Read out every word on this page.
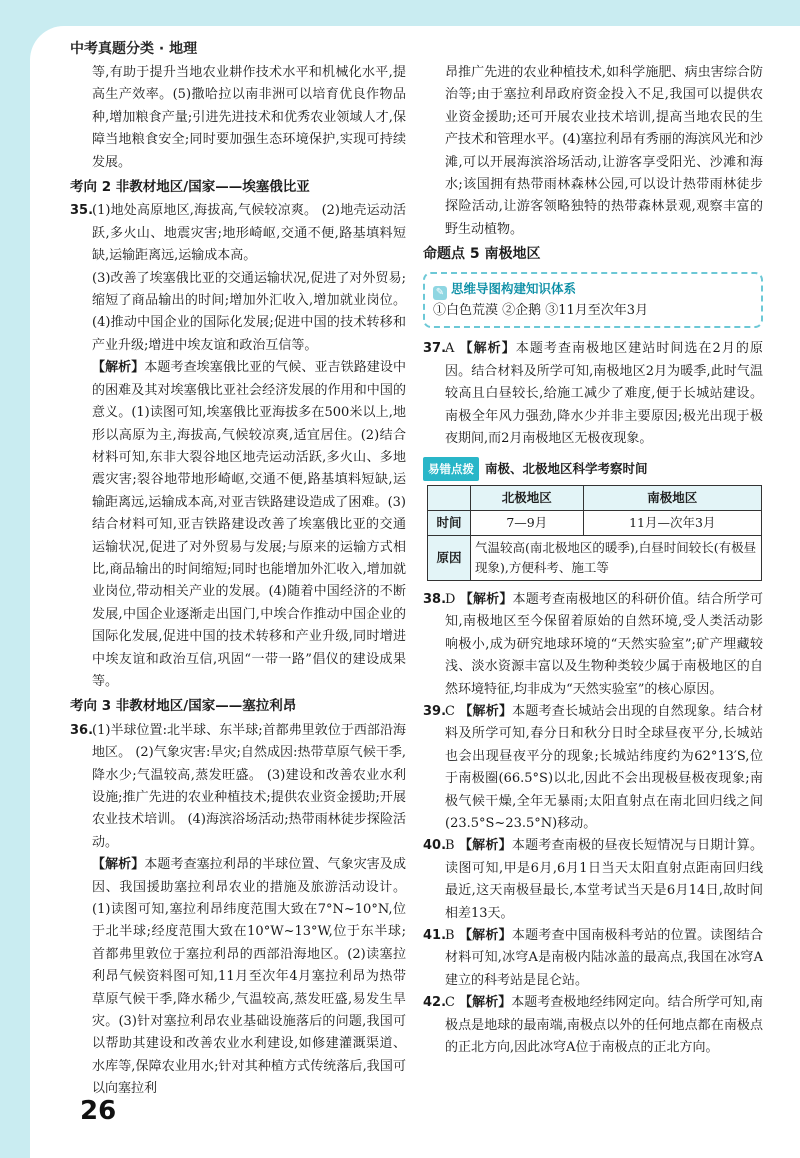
中考真题分类 · 地理

等,有助于提升当地农业耕作技术水平和机械化水平,提高生产效率。(5)撒哈拉以南非洲可以培育优良作物品种,增加粮食产量;引进先进技术和优秀农业领域人才,保障当地粮食安全;同时要加强生态环境保护,实现可持续发展。

考向 2 非教材地区/国家——埃塞俄比亚

35.(1)地处高原地区,海拔高,气候较凉爽。 (2)地壳运动活跃,多火山、地震灾害;地形崎岖,交通不便,路基填料短缺,运输距离远,运输成本高。

(3)改善了埃塞俄比亚的交通运输状况,促进了对外贸易;缩短了商品输出的时间;增加外汇收入,增加就业岗位。 (4)推动中国企业的国际化发展;促进中国的技术转移和产业升级;增进中埃友谊和政治互信等。

【解析】本题考查埃塞俄比亚的气候、亚吉铁路建设中的困难及其对埃塞俄比亚社会经济发展的作用和中国的意义。(1)读图可知,埃塞俄比亚海拔多在500米以上,地形以高原为主,海拔高,气候较凉爽,适宜居住。(2)结合材料可知,东非大裂谷地区地壳运动活跃,多火山、多地震灾害;裂谷地带地形崎岖,交通不便,路基填料短缺,运输距离远,运输成本高,对亚吉铁路建设造成了困难。(3)结合材料可知,亚吉铁路建设改善了埃塞俄比亚的交通运输状况,促进了对外贸易与发展;与原来的运输方式相比,商品输出的时间缩短;同时也能增加外汇收入,增加就业岗位,带动相关产业的发展。(4)随着中国经济的不断发展,中国企业逐渐走出国门,中埃合作推动中国企业的国际化发展,促进中国的技术转移和产业升级,同时增进中埃友谊和政治互信,巩固“一带一路”倡仪的建设成果等。

考向 3 非教材地区/国家——塞拉利昂

36.(1)半球位置:北半球、东半球;首都弗里敦位于西部沿海地区。 (2)气象灾害:旱灾;自然成因:热带草原气候干季,降水少;气温较高,蒸发旺盛。 (3)建设和改善农业水利设施;推广先进的农业种植技术;提供农业资金援助;开展农业技术培训。 (4)海滨浴场活动;热带雨林徒步探险活动。

【解析】本题考查塞拉利昂的半球位置、气象灾害及成因、我国援助塞拉利昂农业的措施及旅游活动设计。(1)读图可知,塞拉利昂纬度范围大致在7°N~10°N,位于北半球;经度范围大致在10°W~13°W,位于东半球;首都弗里敦位于塞拉利昂的西部沿海地区。(2)读塞拉利昂气候资料图可知,11月至次年4月塞拉利昂为热带草原气候干季,降水稀少,气温较高,蒸发旺盛,易发生旱灾。(3)针对塞拉利昂农业基础设施落后的问题,我国可以帮助其建设和改善农业水利建设,如修建灌溉渠道、水库等,保障农业用水;针对其种植方式传统落后,我国可以向塞拉利

昂推广先进的农业种植技术,如科学施肥、病虫害综合防治等;由于塞拉利昂政府资金投入不足,我国可以提供农业资金援助;还可开展农业技术培训,提高当地农民的生产技术和管理水平。(4)塞拉利昂有秀丽的海滨风光和沙滩,可以开展海滨浴场活动,让游客享受阳光、沙滩和海水;该国拥有热带雨林森林公园,可以设计热带雨林徒步探险活动,让游客领略独特的热带森林景观,观察丰富的野生动植物。

命题点 5 南极地区
✎ 思维导图构建知识体系
①白色荒漠 ②企鹅 ③11月至次年3月

37.A 【解析】本题考查南极地区建站时间选在2月的原因。结合材料及所学可知,南极地区2月为暖季,此时气温较高且白昼较长,给施工减少了难度,便于长城站建设。南极全年风力强劲,降水少并非主要原因;极光出现于极夜期间,而2月南极地区无极夜现象。

易错点拨 南极、北极地区科学考察时间
	北极地区	南极地区
时间	7—9月	11月—次年3月
原因	气温较高(南北极地区的暖季),白昼时间较长(有极昼现象),方便科考、施工等	

38.D 【解析】本题考查南极地区的科研价值。结合所学可知,南极地区至今保留着原始的自然环境,受人类活动影响极小,成为研究地球环境的“天然实验室”;矿产埋藏较浅、淡水资源丰富以及生物种类较少属于南极地区的自然环境特征,均非成为“天然实验室”的核心原因。

39.C 【解析】本题考查长城站会出现的自然现象。结合材料及所学可知,春分日和秋分日时全球昼夜平分,长城站也会出现昼夜平分的现象;长城站纬度约为62°13′S,位于南极圈(66.5°S)以北,因此不会出现极昼极夜现象;南极气候干燥,全年无暴雨;太阳直射点在南北回归线之间(23.5°S~23.5°N)移动。

40.B 【解析】本题考查南极的昼夜长短情况与日期计算。读图可知,甲是6月,6月1日当天太阳直射点距南回归线最近,这天南极昼最长,本堂考试当天是6月14日,故时间相差13天。

41.B 【解析】本题考查中国南极科考站的位置。读图结合材料可知,冰穹A是南极内陆冰盖的最高点,我国在冰穹A建立的科考站是昆仑站。

42.C 【解析】本题考查极地经纬网定向。结合所学可知,南极点是地球的最南端,南极点以外的任何地点都在南极点的正北方向,因此冰穹A位于南极点的正北方向。

26
